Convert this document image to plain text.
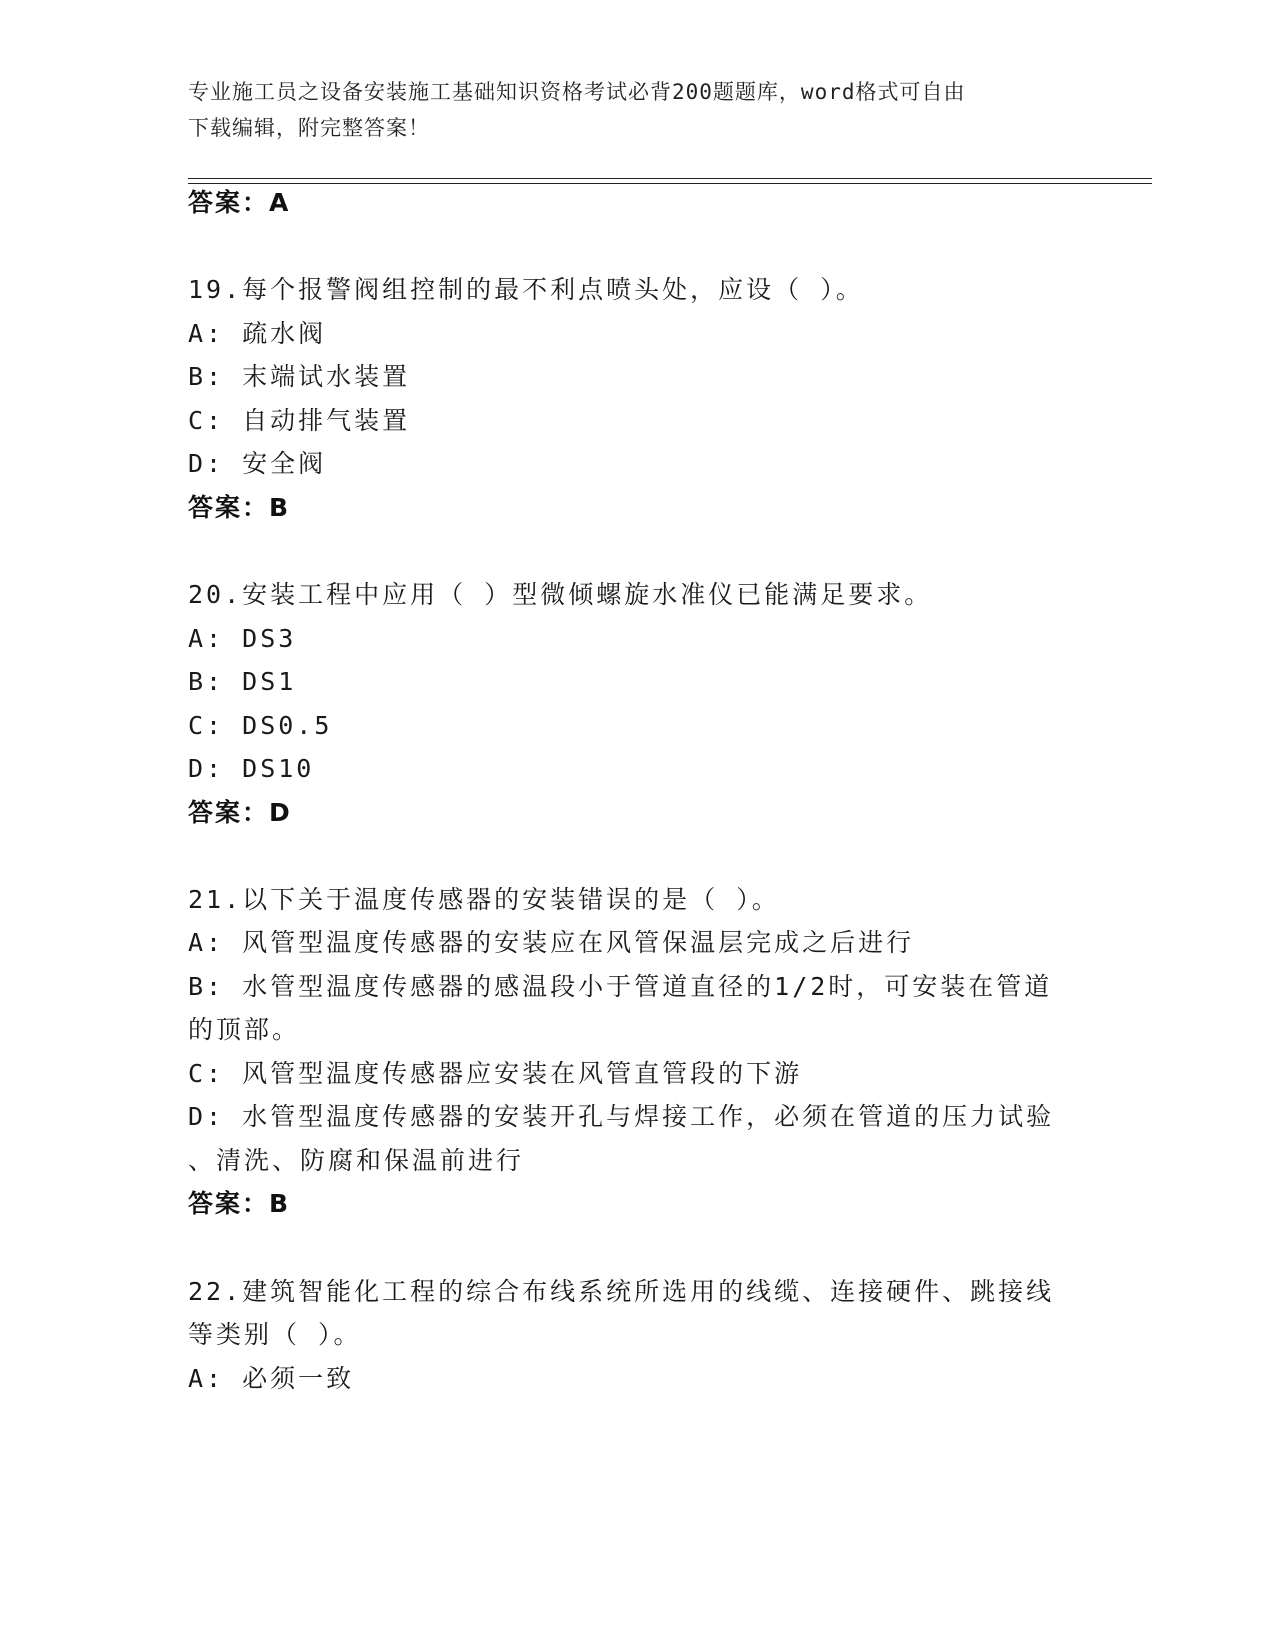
专业施工员之设备安装施工基础知识资格考试必背200题题库，word格式可自由
下载编辑，附完整答案！
答案：A
19.每个报警阀组控制的最不利点喷头处，应设（ ）。
A: 疏水阀
B: 末端试水装置
C: 自动排气装置
D: 安全阀
答案：B
20.安装工程中应用（ ）型微倾螺旋水准仪已能满足要求。
A: DS3
B: DS1
C: DS0.5
D: DS10
答案：D
21.以下关于温度传感器的安装错误的是（ ）。
A: 风管型温度传感器的安装应在风管保温层完成之后进行
B: 水管型温度传感器的感温段小于管道直径的1/2时，可安装在管道
的顶部。
C: 风管型温度传感器应安装在风管直管段的下游
D: 水管型温度传感器的安装开孔与焊接工作，必须在管道的压力试验
、清洗、防腐和保温前进行
答案：B
22.建筑智能化工程的综合布线系统所选用的线缆、连接硬件、跳接线
等类别（ ）。
A: 必须一致
